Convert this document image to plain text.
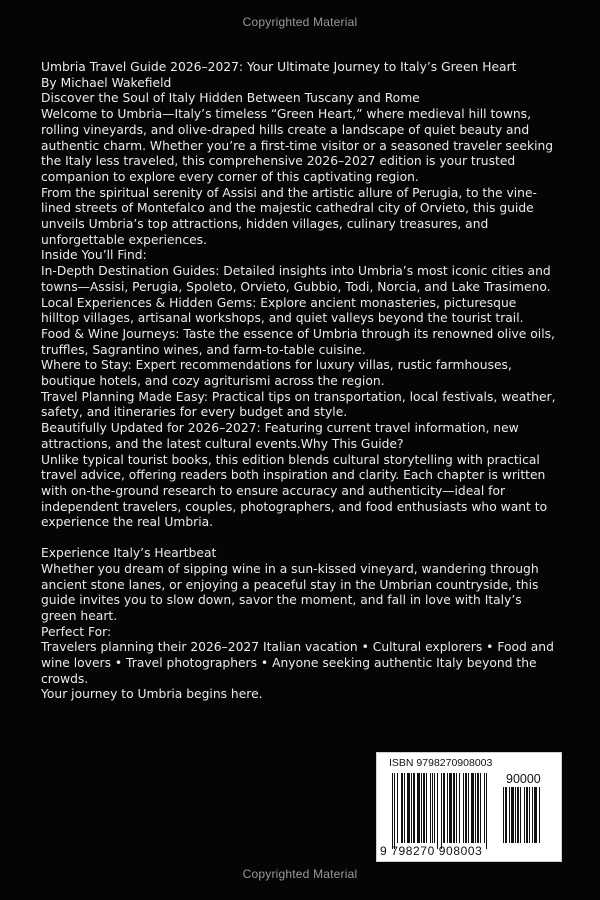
Copyrighted Material

Umbria Travel Guide 2026–2027: Your Ultimate Journey to Italy’s Green Heart

By Michael Wakefield

Discover the Soul of Italy Hidden Between Tuscany and Rome

Welcome to Umbria—Italy’s timeless “Green Heart,” where medieval hill towns, rolling vineyards, and olive-draped hills create a landscape of quiet beauty and authentic charm. Whether you’re a first-time visitor or a seasoned traveler seeking the Italy less traveled, this comprehensive 2026–2027 edition is your trusted companion to explore every corner of this captivating region.

From the spiritual serenity of Assisi and the artistic allure of Perugia, to the vine-lined streets of Montefalco and the majestic cathedral city of Orvieto, this guide unveils Umbria’s top attractions, hidden villages, culinary treasures, and unforgettable experiences.

Inside You’ll Find:

In-Depth Destination Guides: Detailed insights into Umbria’s most iconic cities and towns—Assisi, Perugia, Spoleto, Orvieto, Gubbio, Todi, Norcia, and Lake Trasimeno.

Local Experiences & Hidden Gems: Explore ancient monasteries, picturesque hilltop villages, artisanal workshops, and quiet valleys beyond the tourist trail.

Food & Wine Journeys: Taste the essence of Umbria through its renowned olive oils, truffles, Sagrantino wines, and farm-to-table cuisine.

Where to Stay: Expert recommendations for luxury villas, rustic farmhouses, boutique hotels, and cozy agriturismi across the region.

Travel Planning Made Easy: Practical tips on transportation, local festivals, weather, safety, and itineraries for every budget and style.

Beautifully Updated for 2026–2027: Featuring current travel information, new attractions, and the latest cultural events.Why This Guide?

Unlike typical tourist books, this edition blends cultural storytelling with practical travel advice, offering readers both inspiration and clarity. Each chapter is written with on-the-ground research to ensure accuracy and authenticity—ideal for independent travelers, couples, photographers, and food enthusiasts who want to experience the real Umbria.

Experience Italy’s Heartbeat

Whether you dream of sipping wine in a sun-kissed vineyard, wandering through ancient stone lanes, or enjoying a peaceful stay in the Umbrian countryside, this guide invites you to slow down, savor the moment, and fall in love with Italy’s green heart.

Perfect For:

Travelers planning their 2026–2027 Italian vacation • Cultural explorers • Food and wine lovers • Travel photographers • Anyone seeking authentic Italy beyond the crowds.

Your journey to Umbria begins here.

ISBN 9798270908003
90000
9 798270 908003
Copyrighted Material
